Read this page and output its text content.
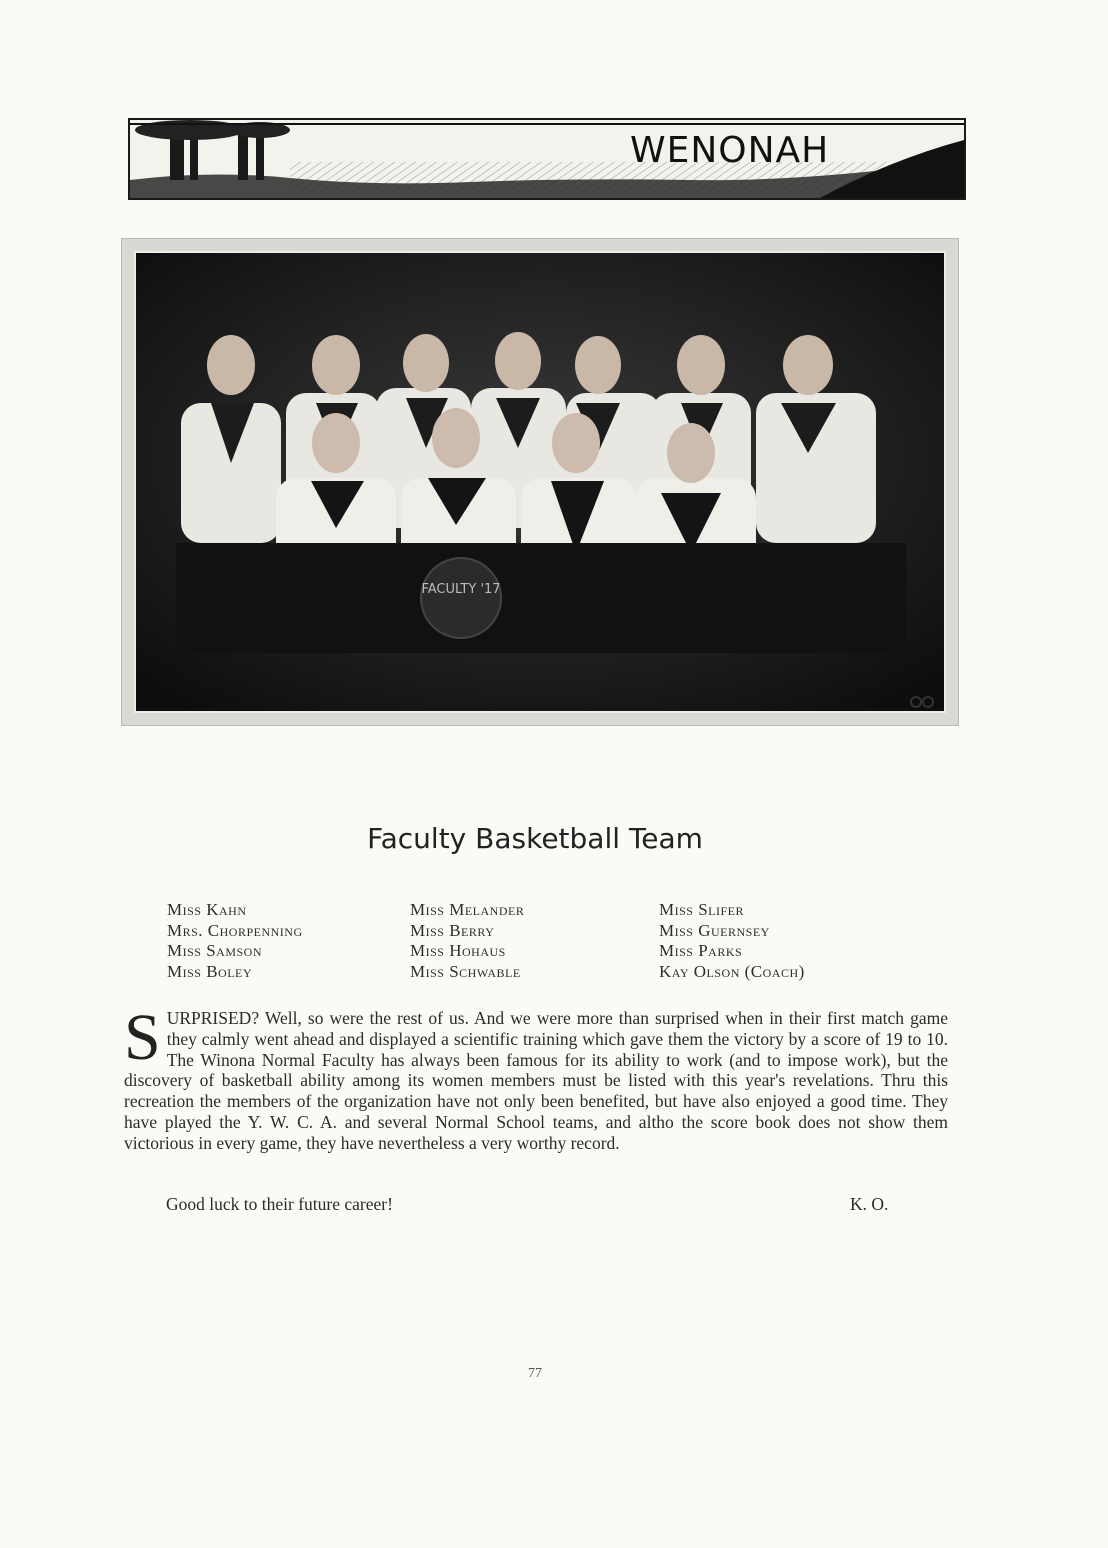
WENONAH
FACULTY '17
Faculty Basketball Team
Miss Kahn
Mrs. Chorpenning
Miss Samson
Miss Boley
Miss Melander
Miss Berry
Miss Hohaus
Miss Schwable
Miss Slifer
Miss Guernsey
Miss Parks
Kay Olson (Coach)
SURPRISED? Well, so were the rest of us. And we were more than surprised when in their first match game they calmly went ahead and displayed a scientific training which gave them the victory by a score of 19 to 10. The Winona Normal Faculty has always been famous for its ability to work (and to impose work), but the discovery of basketball ability among its women members must be listed with this year's revelations. Thru this recreation the members of the organization have not only been benefited, but have also enjoyed a good time. They have played the Y. W. C. A. and several Normal School teams, and altho the score book does not show them victorious in every game, they have nevertheless a very worthy record.
Good luck to their future career!	K. O.
77
